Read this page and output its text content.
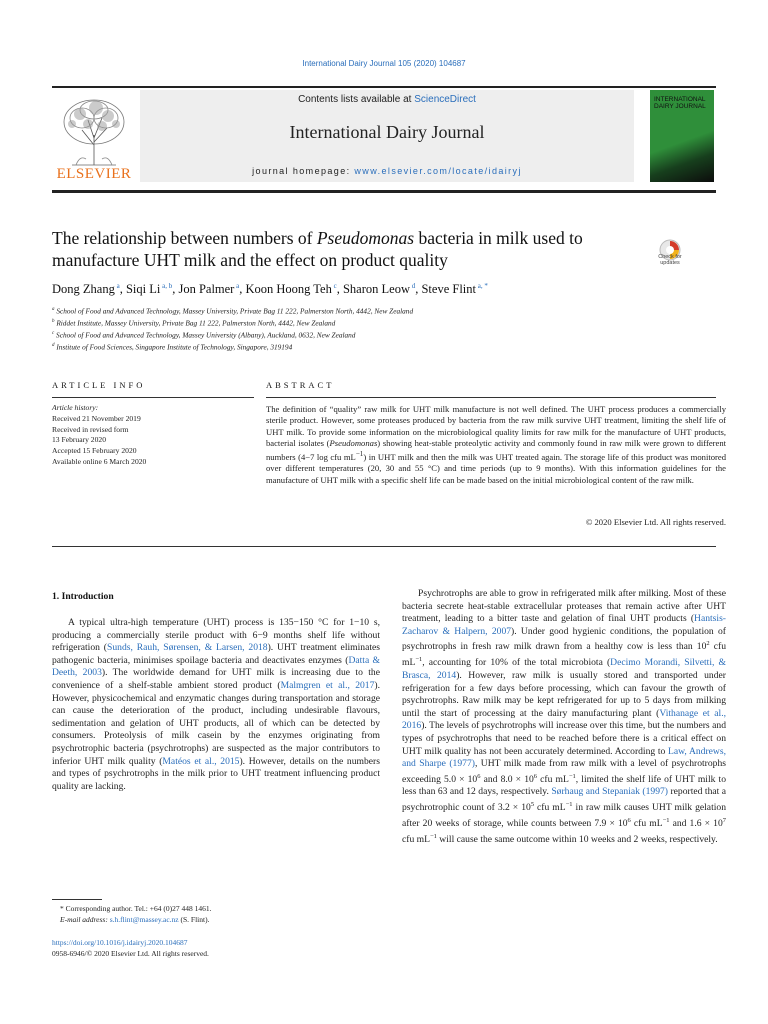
International Dairy Journal 105 (2020) 104687
ELSEVIER
Contents lists available at ScienceDirect
International Dairy Journal
journal homepage: www.elsevier.com/locate/idairyj
INTERNATIONAL DAIRY JOURNAL
The relationship between numbers of Pseudomonas bacteria in milk used to manufacture UHT milk and the effect on product quality	Check for updates
Dong Zhang $^a$, Siqi Li $^{a, b}$, Jon Palmer $^a$, Koon Hoong Teh $^c$, Sharon Leow $^d$, Steve Flint $^{a, *}$
$^a$ School of Food and Advanced Technology, Massey University, Private Bag 11 222, Palmerston North, 4442, New Zealand
$^b$ Riddet Institute, Massey University, Private Bag 11 222, Palmerston North, 4442, New Zealand
$^c$ School of Food and Advanced Technology, Massey University (Albany), Auckland, 0632, New Zealand
$^d$ Institute of Food Sciences, Singapore Institute of Technology, Singapore, 319194
ARTICLE INFO	ABSTRACT
Article history:
Received 21 November 2019
Received in revised form
13 February 2020
Accepted 15 February 2020
Available online 6 March 2020
The definition of “quality” raw milk for UHT milk manufacture is not well defined. The UHT process produces a commercially sterile product. However, some proteases produced by bacteria from the raw milk survive UHT treatment, limiting the shelf life of UHT milk. To provide some information on the microbiological quality limits for raw milk for the manufacture of UHT products, bacterial isolates (Pseudomonas) showing heat-stable proteolytic activity and commonly found in raw milk were grown to different numbers (4−7 log cfu $mL^{-1}$) in UHT milk and then the milk was UHT treated again. The storage life of this product was monitored over different temperatures (20, 30 and 55 °C) and time periods (up to 9 months). With this information guidelines for the manufacture of UHT milk with a specific shelf life can be made based on the initial microbiological content of the raw milk.
© 2020 Elsevier Ltd. All rights reserved.
1. Introduction
A typical ultra-high temperature (UHT) process is 135−150 °C for 1−10 s, producing a commercially sterile product with 6−9 months shelf life without refrigeration (Sunds, Rauh, Sørensen, & Larsen, 2018). UHT treatment eliminates pathogenic bacteria, minimises spoilage bacteria and deactivates enzymes (Datta & Deeth, 2003). The worldwide demand for UHT milk is increasing due to the convenience of a shelf-stable ambient stored product (Malmgren et al., 2017). However, physicochemical and enzymatic changes during transportation and storage can cause the deterioration of the product, including undesirable flavours, sedimentation and gelation of UHT products, all of which can be detected by consumers. Proteolysis of milk casein by the enzymes originating from psychrotrophic bacteria (psychrotrophs) are suspected as the major contributors to inferior UHT milk quality (Matéos et al., 2015). However, details on the numbers and types of psychrotrophs in the milk prior to UHT treatment influencing product quality are lacking.
Psychrotrophs are able to grow in refrigerated milk after milking. Most of these bacteria secrete heat-stable extracellular proteases that remain active after UHT treatment, leading to a bitter taste and gelation of final UHT products (Hantsis-Zacharov & Halpern, 2007). Under good hygienic conditions, the population of psychrotrophs in fresh raw milk drawn from a healthy cow is less than $10^2$ cfu $mL^{-1}$, accounting for 10% of the total microbiota (Decimo Morandi, Silvetti, & Brasca, 2014). However, raw milk is usually stored and transported under refrigeration for a few days before processing, which can favour the growth of psychrotrophs. Raw milk may be kept refrigerated for up to 5 days from milking until the start of processing at the dairy manufacturing plant (Vithanage et al., 2016). The levels of psychrotrophs will increase over this time, but the numbers and types of psychrotrophs that need to be reached before there is a critical effect on UHT milk quality has not been accurately determined. According to Law, Andrews, and Sharpe (1977), UHT milk made from raw milk with a level of psychrotrophs exceeding $5.0 \times 10^6$ and $8.0 \times 10^6$ cfu $mL^{-1}$, limited the shelf life of UHT milk to less than 63 and 12 days, respectively. Sørhaug and Stepaniak (1997) reported that a psychrotrophic count of $3.2 \times 10^5$ cfu $mL^{-1}$ in raw milk causes UHT milk gelation after 20 weeks of storage, while counts between $7.9 \times 10^6$ cfu $mL^{-1}$ and $1.6 \times 10^7$ cfu $mL^{-1}$ will cause the same outcome within 10 weeks and 2 weeks, respectively.
* Corresponding author. Tel.: +64 (0)27 448 1461.
E-mail address: s.h.flint@massey.ac.nz (S. Flint).
https://doi.org/10.1016/j.idairyj.2020.104687
0958-6946/© 2020 Elsevier Ltd. All rights reserved.
